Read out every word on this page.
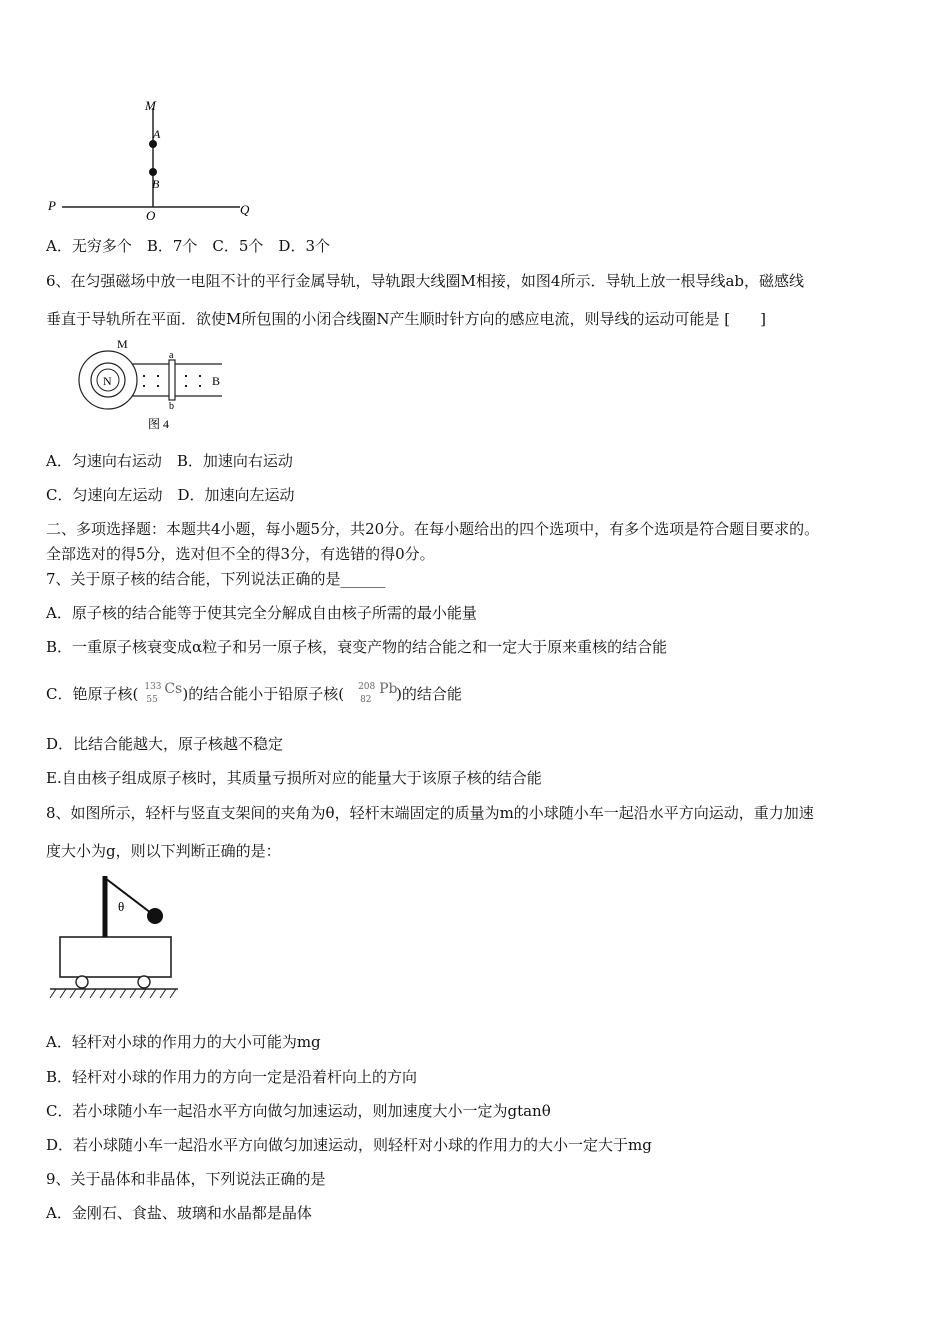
M
A
B
P
O	Q
A．无穷多个　B．7个　C．5个　D．3个
6、在匀强磁场中放一电阻不计的平行金属导轨，导轨跟大线圈M相接，如图4所示．导轨上放一根导线ab，磁感线
垂直于导轨所在平面．欲使M所包围的小闭合线圈N产生顺时针方向的感应电流，则导线的运动可能是 [　　]
N
M
a
b
B
图 4
A．匀速向右运动　B．加速向右运动
C．匀速向左运动　D．加速向左运动
二、多项选择题：本题共4小题，每小题5分，共20分。在每小题给出的四个选项中，有多个选项是符合题目要求的。
全部选对的得5分，选对但不全的得3分，有选错的得0分。
7、关于原子核的结合能，下列说法正确的是______
A．原子核的结合能等于使其完全分解成自由核子所需的最小能量
B．一重原子核衰变成α粒子和另一原子核，衰变产物的结合能之和一定大于原来重核的结合能
C．铯原子核( 133
55
Cs )的结合能小于铅原子核( 208
82
Pb
)的结合能
D．比结合能越大，原子核越不稳定
E.自由核子组成原子核时，其质量亏损所对应的能量大于该原子核的结合能
8、如图所示，轻杆与竖直支架间的夹角为θ，轻杆末端固定的质量为m的小球随小车一起沿水平方向运动，重力加速
度大小为g，则以下判断正确的是：
θ
A．轻杆对小球的作用力的大小可能为mg
B．轻杆对小球的作用力的方向一定是沿着杆向上的方向
C．若小球随小车一起沿水平方向做匀加速运动，则加速度大小一定为gtanθ
D．若小球随小车一起沿水平方向做匀加速运动，则轻杆对小球的作用力的大小一定大于mg
9、关于晶体和非晶体，下列说法正确的是
A．金刚石、食盐、玻璃和水晶都是晶体
